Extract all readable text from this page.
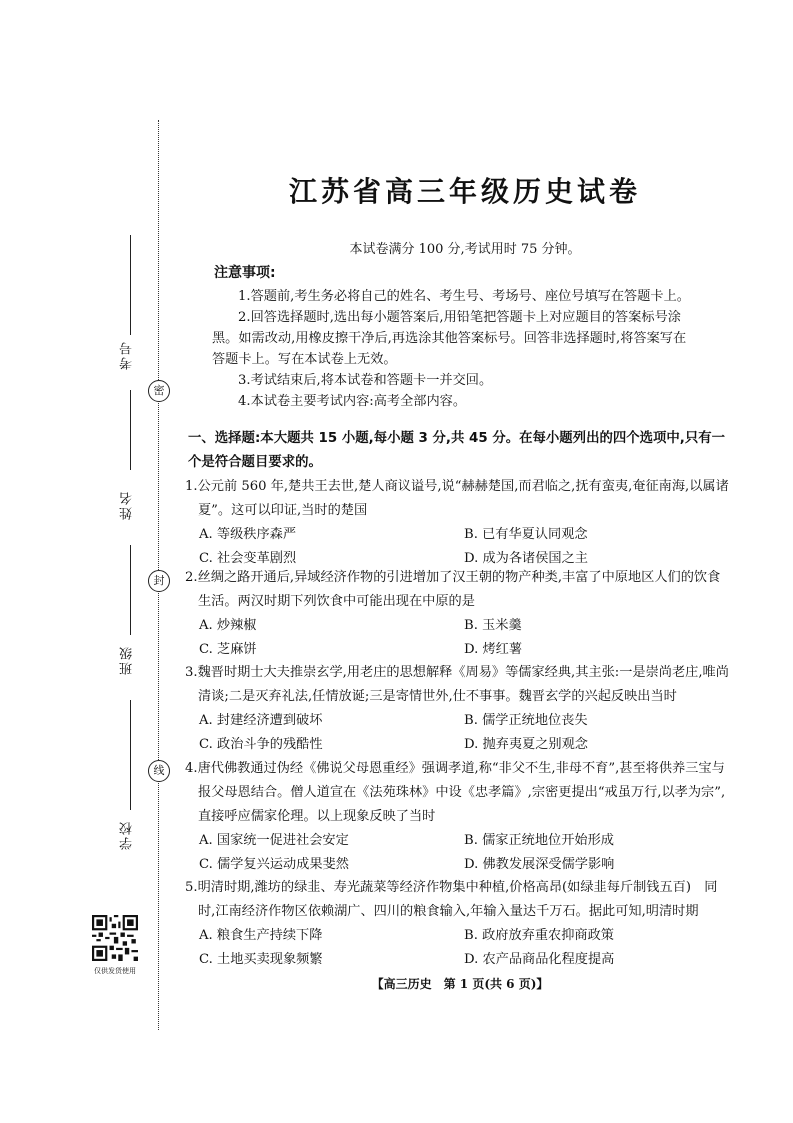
考号
姓名
班级
学校
密
封
线
仅供发货使用
江苏省高三年级历史试卷
本试卷满分 100 分,考试用时 75 分钟。
注意事项:
1.答题前,考生务必将自己的姓名、考生号、考场号、座位号填写在答题卡上。
2.回答选择题时,选出每小题答案后,用铅笔把答题卡上对应题目的答案标号涂
黑。如需改动,用橡皮擦干净后,再选涂其他答案标号。回答非选择题时,将答案写在
答题卡上。写在本试卷上无效。
3.考试结束后,将本试卷和答题卡一并交回。
4.本试卷主要考试内容:高考全部内容。
一、选择题:本大题共 15 小题,每小题 3 分,共 45 分。在每小题列出的四个选项中,只有一个是符合题目要求的。
1.公元前 560 年,楚共王去世,楚人商议谥号,说“赫赫楚国,而君临之,抚有蛮夷,奄征南海,以属诸夏”。这可以印证,当时的楚国
A. 等级秩序森严	B. 已有华夏认同观念
C. 社会变革剧烈	D. 成为各诸侯国之主
2.丝绸之路开通后,异域经济作物的引进增加了汉王朝的物产种类,丰富了中原地区人们的饮食生活。两汉时期下列饮食中可能出现在中原的是
A. 炒辣椒	B. 玉米羹
C. 芝麻饼	D. 烤红薯
3.魏晋时期士大夫推崇玄学,用老庄的思想解释《周易》等儒家经典,其主张:一是崇尚老庄,唯尚清谈;二是灭弃礼法,任情放诞;三是寄情世外,仕不事事。魏晋玄学的兴起反映出当时
A. 封建经济遭到破坏	B. 儒学正统地位丧失
C. 政治斗争的残酷性	D. 抛弃夷夏之别观念
4.唐代佛教通过伪经《佛说父母恩重经》强调孝道,称“非父不生,非母不育”,甚至将供养三宝与报父母恩结合。僧人道宣在《法苑珠林》中设《忠孝篇》,宗密更提出“戒虽万行,以孝为宗”,直接呼应儒家伦理。以上现象反映了当时
A. 国家统一促进社会安定	B. 儒家正统地位开始形成
C. 儒学复兴运动成果斐然	D. 佛教发展深受儒学影响
5.明清时期,潍坊的绿韭、寿光蔬菜等经济作物集中种植,价格高昂(如绿韭每斤制钱五百)　同时,江南经济作物区依赖湖广、四川的粮食输入,年输入量达千万石。据此可知,明清时期
A. 粮食生产持续下降	B. 政府放弃重农抑商政策
C. 土地买卖现象频繁	D. 农产品商品化程度提高
【高三历史　第 1 页(共 6 页)】
